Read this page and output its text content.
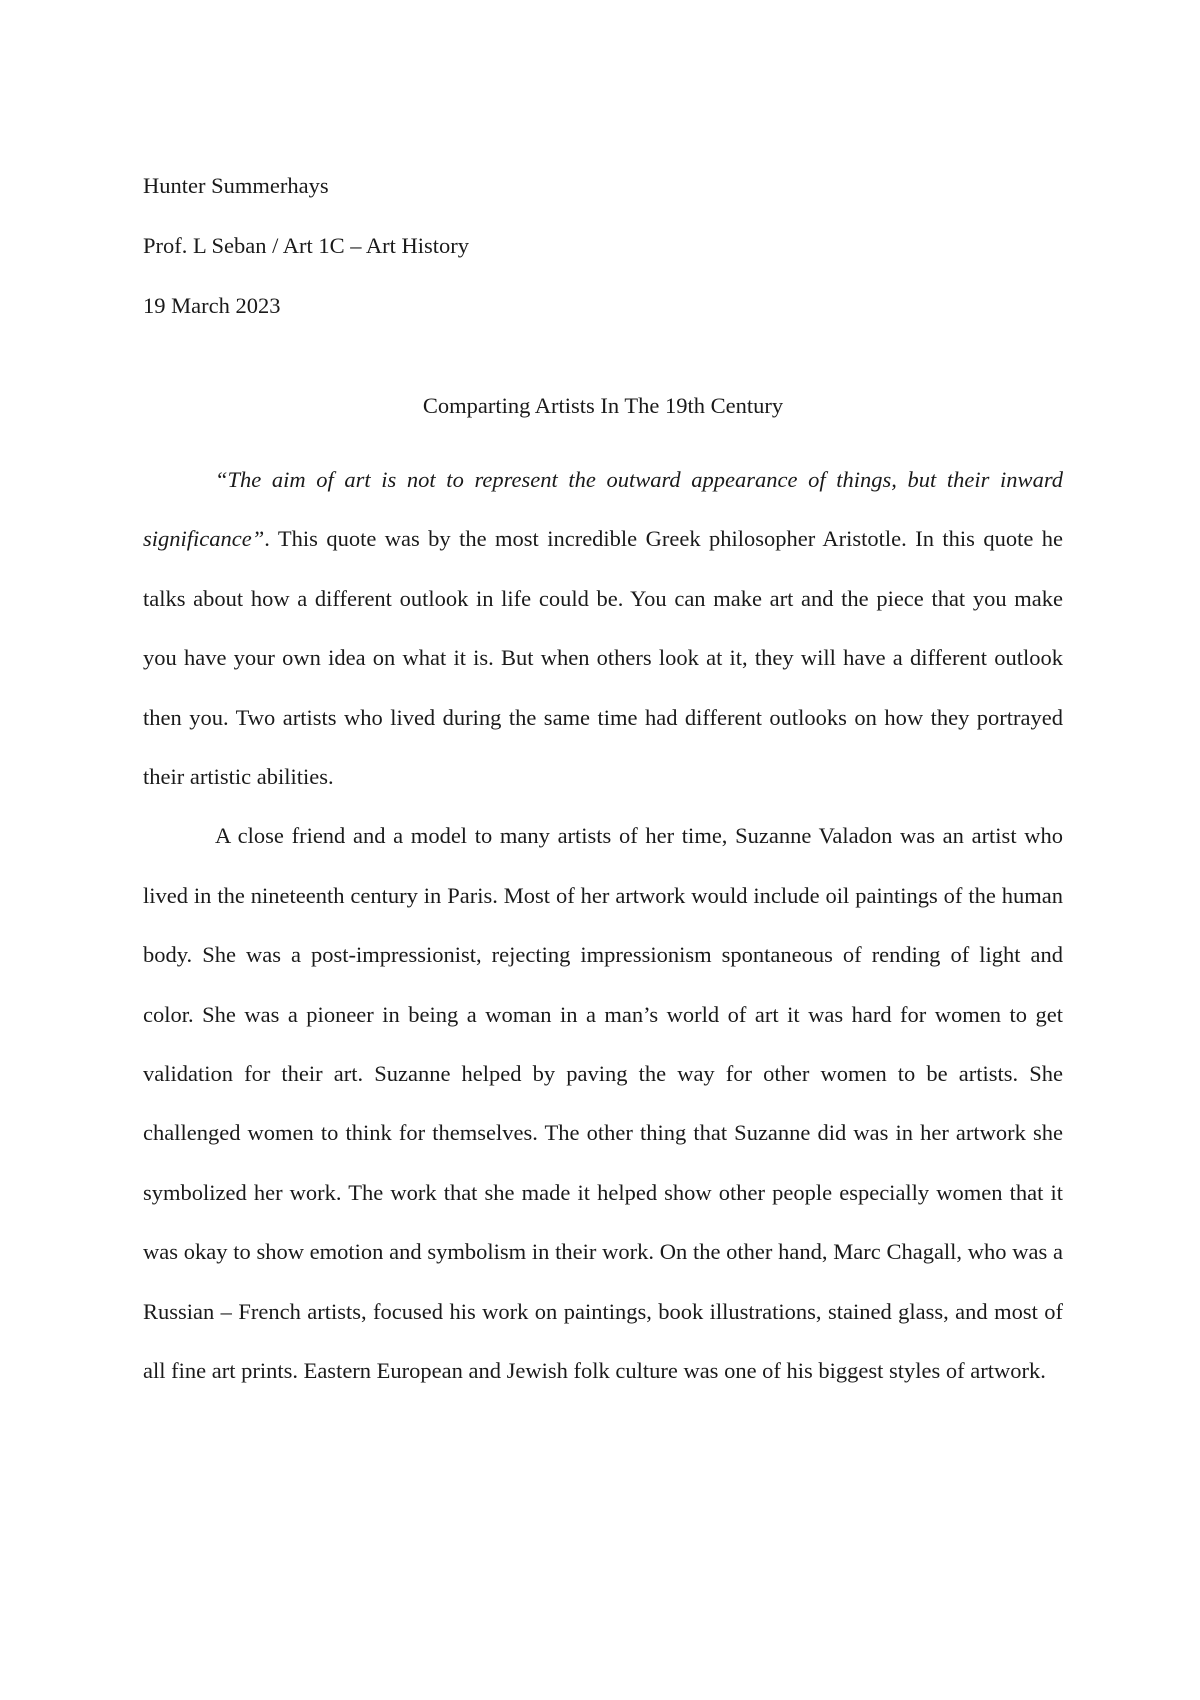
Hunter Summerhays

Prof. L Seban / Art 1C – Art History

19 March 2023

Comparting Artists In The 19th Century

“The aim of art is not to represent the outward appearance of things, but their inward significance”. This quote was by the most incredible Greek philosopher Aristotle. In this quote he talks about how a different outlook in life could be. You can make art and the piece that you make you have your own idea on what it is. But when others look at it, they will have a different outlook then you. Two artists who lived during the same time had different outlooks on how they portrayed their artistic abilities.

A close friend and a model to many artists of her time, Suzanne Valadon was an artist who lived in the nineteenth century in Paris. Most of her artwork would include oil paintings of the human body. She was a post-impressionist, rejecting impressionism spontaneous of rending of light and color. She was a pioneer in being a woman in a man’s world of art it was hard for women to get validation for their art. Suzanne helped by paving the way for other women to be artists. She challenged women to think for themselves. The other thing that Suzanne did was in her artwork she symbolized her work. The work that she made it helped show other people especially women that it was okay to show emotion and symbolism in their work. On the other hand, Marc Chagall, who was a Russian – French artists, focused his work on paintings, book illustrations, stained glass, and most of all fine art prints. Eastern European and Jewish folk culture was one of his biggest styles of artwork.
